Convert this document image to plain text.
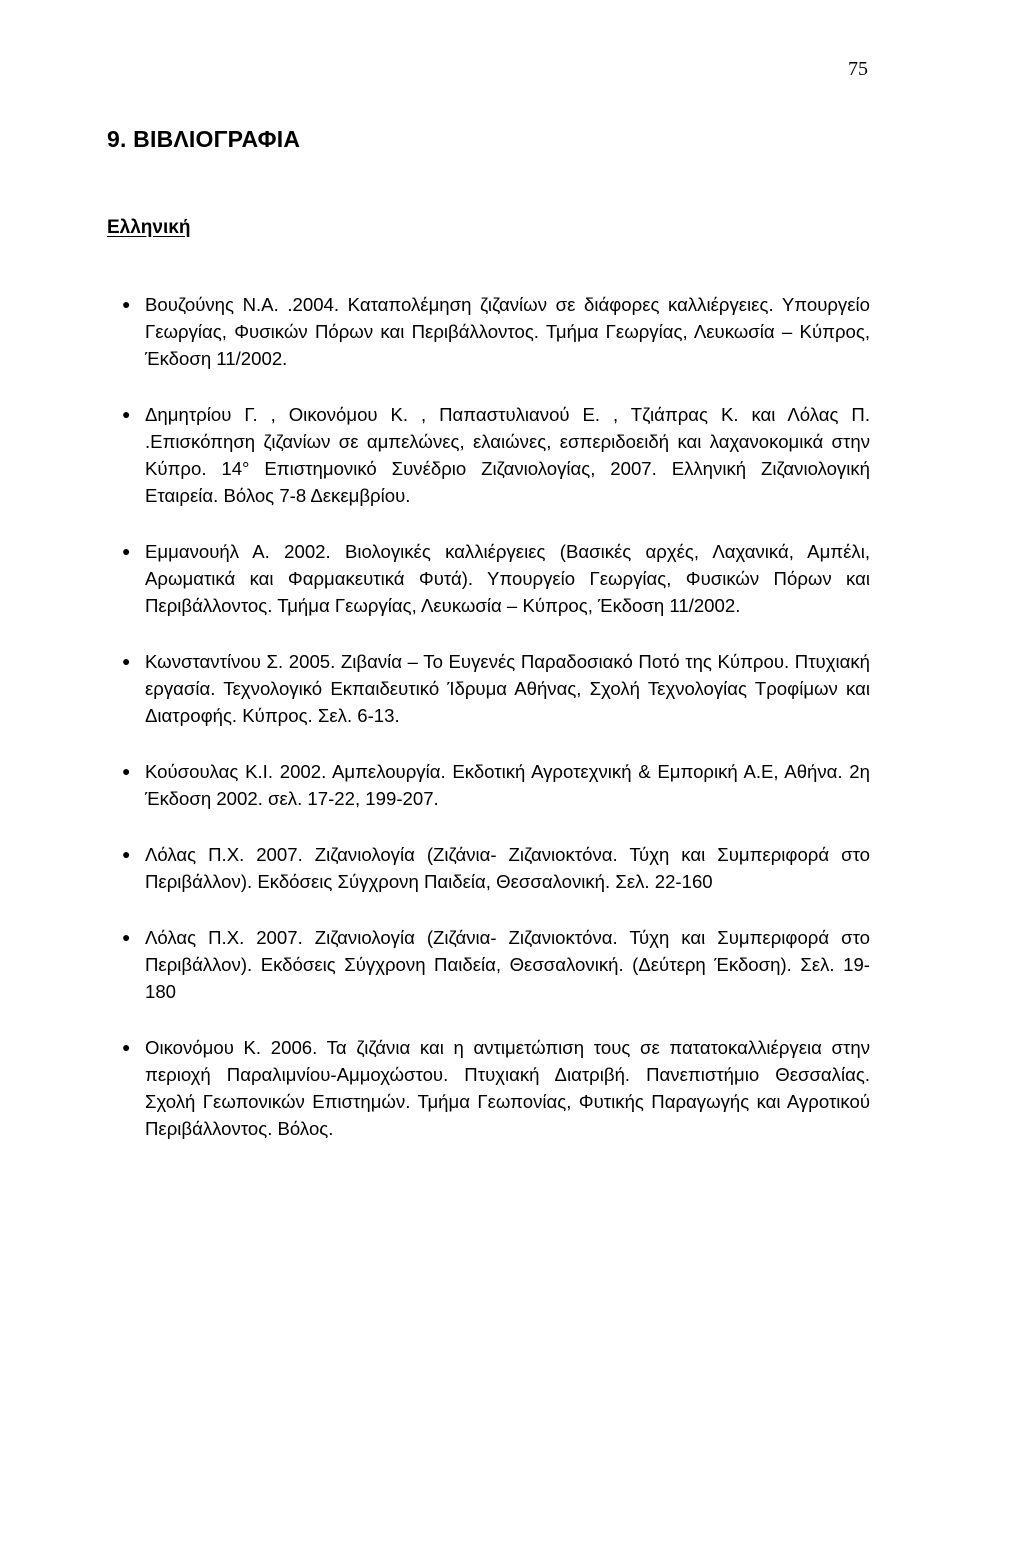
75
9. ΒΙΒΛΙΟΓΡΑΦΙΑ
Ελληνική
● Βουζούνης Ν.Α. .2004. Καταπολέμηση ζιζανίων σε διάφορες καλλιέργειες. Υπουργείο Γεωργίας, Φυσικών Πόρων και Περιβάλλοντος. Τμήμα Γεωργίας, Λευκωσία – Κύπρος, Έκδοση 11/2002.
● Δημητρίου Γ. , Οικονόμου Κ. , Παπαστυλιανού Ε. , Τζιάπρας Κ. και Λόλας Π. .Επισκόπηση ζιζανίων σε αμπελώνες, ελαιώνες, εσπεριδοειδή και λαχανοκομικά στην Κύπρο. 14° Επιστημονικό Συνέδριο Ζιζανιολογίας, 2007. Ελληνική Ζιζανιολογική Εταιρεία. Βόλος 7-8 Δεκεμβρίου.
● Εμμανουήλ Α. 2002. Βιολογικές καλλιέργειες (Βασικές αρχές, Λαχανικά, Αμπέλι, Αρωματικά και Φαρμακευτικά Φυτά). Υπουργείο Γεωργίας, Φυσικών Πόρων και Περιβάλλοντος. Τμήμα Γεωργίας, Λευκωσία – Κύπρος, Έκδοση 11/2002.
● Κωνσταντίνου Σ. 2005. Ζιβανία – Το Ευγενές Παραδοσιακό Ποτό της Κύπρου. Πτυχιακή εργασία. Τεχνολογικό Εκπαιδευτικό Ίδρυμα Αθήνας, Σχολή Τεχνολογίας Τροφίμων και Διατροφής. Κύπρος. Σελ. 6-13.
● Κούσουλας Κ.Ι. 2002. Αμπελουργία. Εκδοτική Αγροτεχνική & Εμπορική Α.Ε, Αθήνα. 2η Έκδοση 2002. σελ. 17-22, 199-207.
● Λόλας Π.Χ. 2007. Ζιζανιολογία (Ζιζάνια- Ζιζανιοκτόνα. Τύχη και Συμπεριφορά στο Περιβάλλον). Εκδόσεις Σύγχρονη Παιδεία, Θεσσαλονική. Σελ. 22-160
● Λόλας Π.Χ. 2007. Ζιζανιολογία (Ζιζάνια- Ζιζανιοκτόνα. Τύχη και Συμπεριφορά στο Περιβάλλον). Εκδόσεις Σύγχρονη Παιδεία, Θεσσαλονική. (Δεύτερη Έκδοση). Σελ. 19-180
● Οικονόμου Κ. 2006. Τα ζιζάνια και η αντιμετώπιση τους σε πατατοκαλλιέργεια στην περιοχή Παραλιμνίου-Αμμοχώστου. Πτυχιακή Διατριβή. Πανεπιστήμιο Θεσσαλίας. Σχολή Γεωπονικών Επιστημών. Τμήμα Γεωπονίας, Φυτικής Παραγωγής και Αγροτικού Περιβάλλοντος. Βόλος.
